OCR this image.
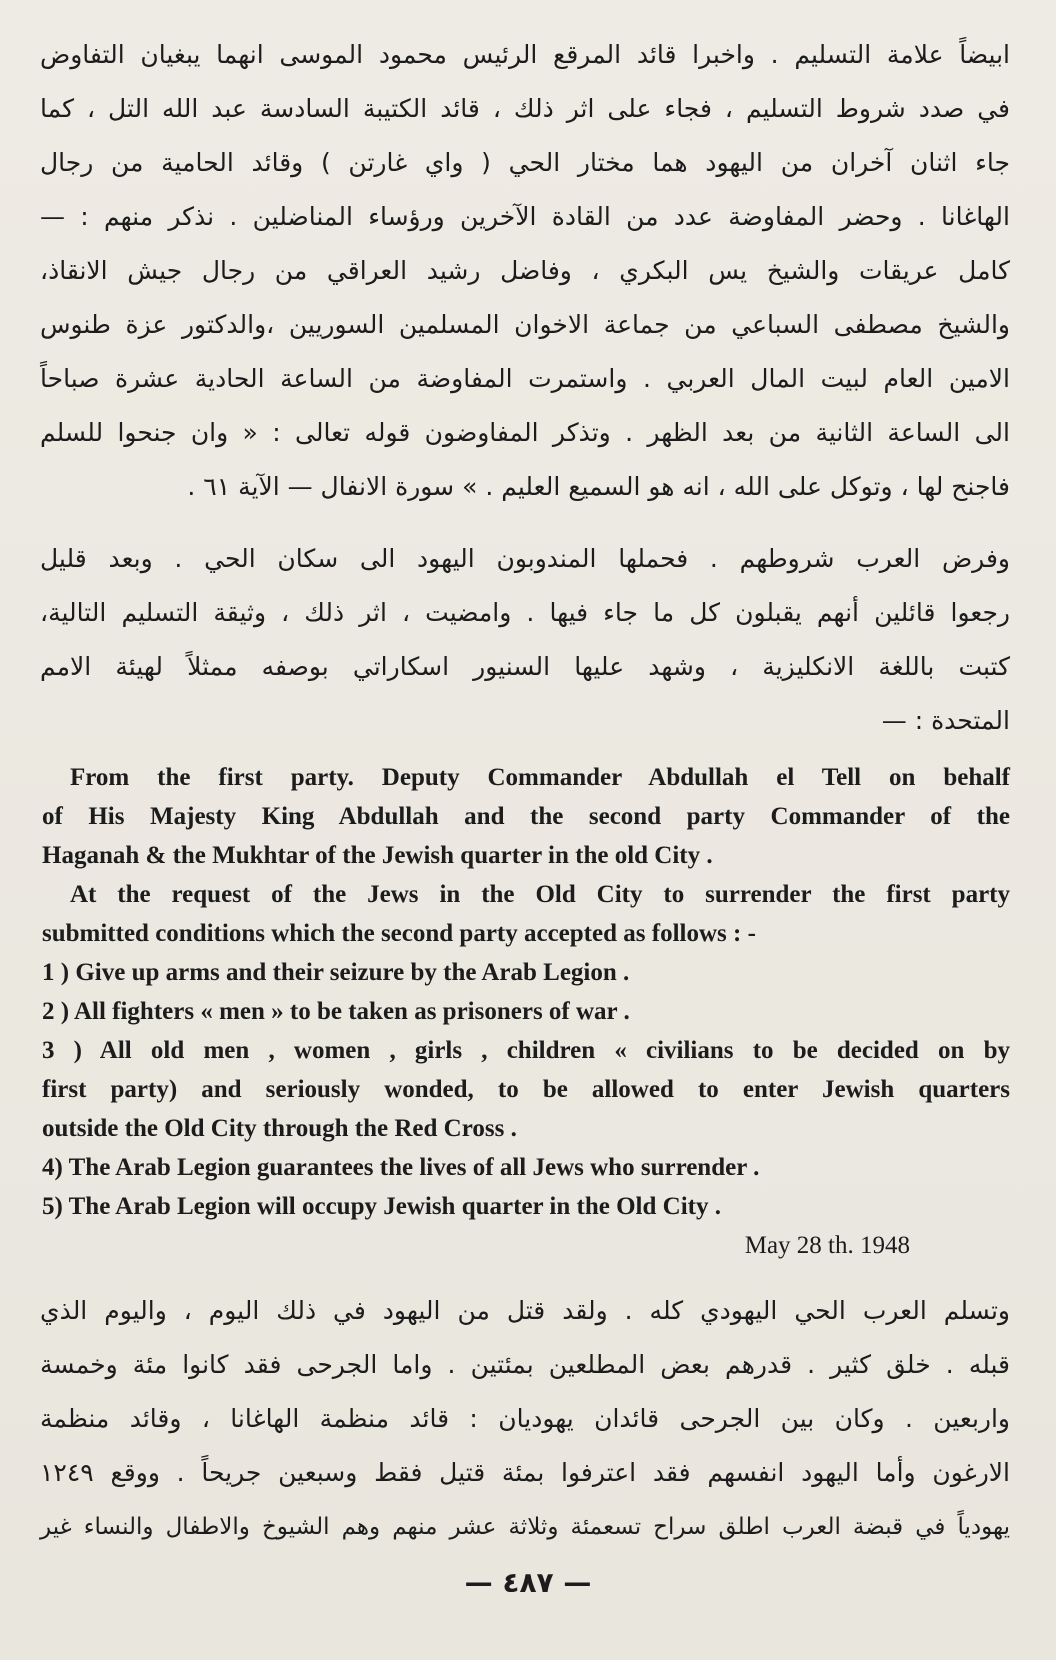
ابيضاً علامة التسليم . واخبرا قائد المرقع الرئيس محمود الموسى انهما يبغيان التفاوض

في صدد شروط التسليم ، فجاء على اثر ذلك ، قائد الكتيبة السادسة عبد الله التل ، كما

جاء اثنان آخران من اليهود هما مختار الحي ( واي غارتن ) وقائد الحامية من رجال

الهاغانا . وحضر المفاوضة عدد من القادة الآخرين ورؤساء المناضلين . نذكر منهم : —

كامل عريقات والشيخ يس البكري ، وفاضل رشيد العراقي من رجال جيش الانقاذ،

والشيخ مصطفى السباعي من جماعة الاخوان المسلمين السوريين ،والدكتور عزة طنوس

الامين العام لبيت المال العربي . واستمرت المفاوضة من الساعة الحادية عشرة صباحاً

الى الساعة الثانية من بعد الظهر . وتذكر المفاوضون قوله تعالى : « وان جنحوا للسلم

فاجنح لها ، وتوكل على الله ، انه هو السميع العليم . » سورة الانفال — الآية ٦١ .

وفرض العرب شروطهم . فحملها المندوبون اليهود الى سكان الحي . وبعد قليل

رجعوا قائلين أنهم يقبلون كل ما جاء فيها . وامضيت ، اثر ذلك ، وثيقة التسليم التالية،

كتبت باللغة الانكليزية ، وشهد عليها السنيور اسكاراتي بوصفه ممثلاً لهيئة الامم

المتحدة : —

From the first party. Deputy Commander Abdullah el Tell on behalf

of His Majesty King Abdullah and the second party Commander of the

Haganah & the Mukhtar of the Jewish quarter in the old City .

At the request of the Jews in the Old City to surrender the first party

submitted conditions which the second party accepted as follows : -

1 ) Give up arms and their seizure by the Arab Legion .

2 ) All fighters « men » to be taken as prisoners of war .

3 ) All old men , women , girls , children « civilians to be decided on by

first party) and seriously wonded, to be allowed to enter Jewish quarters

outside the Old City through the Red Cross .

4) The Arab Legion guarantees the lives of all Jews who surrender .

5) The Arab Legion will occupy Jewish quarter in the Old City .

May 28 th. 1948

وتسلم العرب الحي اليهودي كله . ولقد قتل من اليهود في ذلك اليوم ، واليوم الذي

قبله . خلق كثير . قدرهم بعض المطلعين بمئتين . واما الجرحى فقد كانوا مئة وخمسة

واربعين . وكان بين الجرحى قائدان يهوديان : قائد منظمة الهاغانا ، وقائد منظمة

الارغون وأما اليهود انفسهم فقد اعترفوا بمئة قتيل فقط وسبعين جريحاً . ووقع ١٢٤٩

يهودياً في قبضة العرب اطلق سراح تسعمئة وثلاثة عشر منهم وهم الشيوخ والاطفال والنساء غير

— ٤٨٧ —
